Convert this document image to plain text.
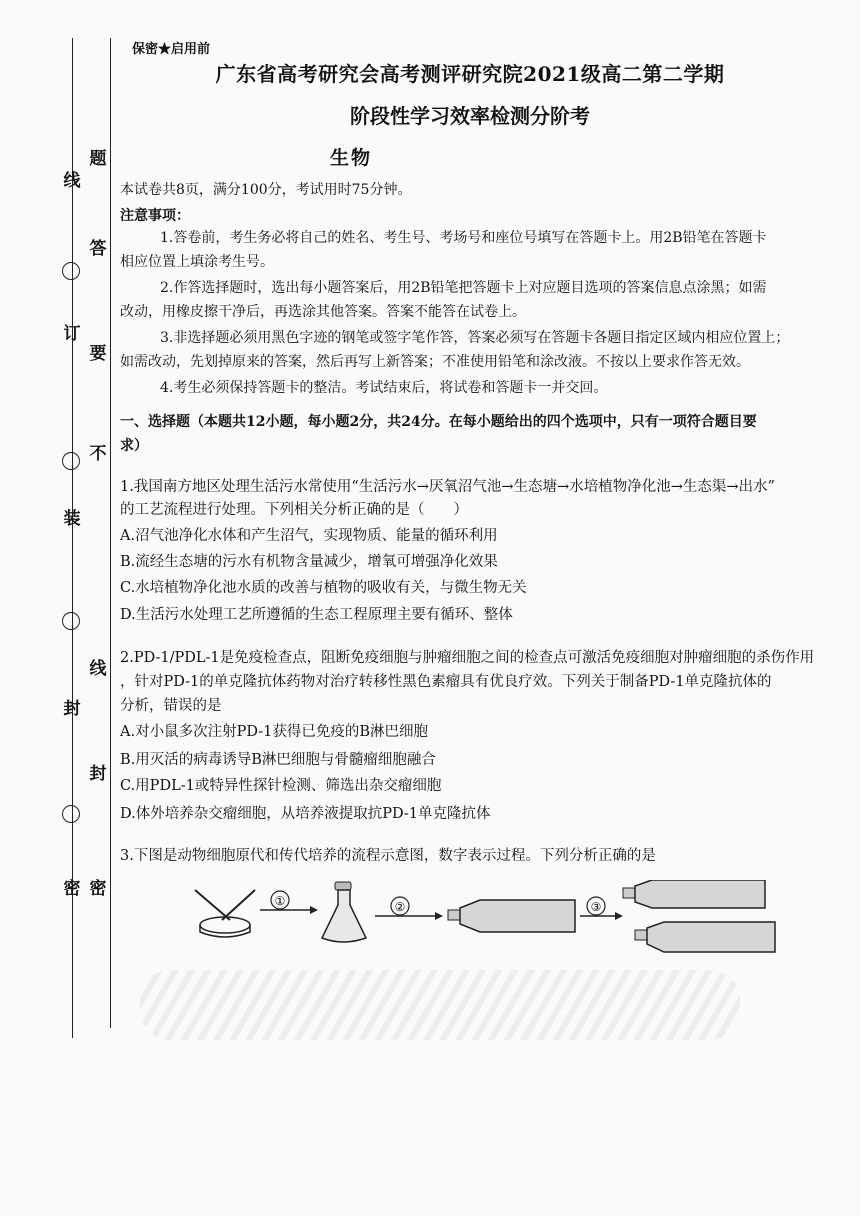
题
线
答
订
要
不
装
线
封
封
密 密
保密★启用前
广东省高考研究会高考测评研究院2021级高二第二学期
阶段性学习效率检测分阶考
生物
本试卷共8页，满分100分，考试用时75分钟。
注意事项：
1.答卷前，考生务必将自己的姓名、考生号、考场号和座位号填写在答题卡上。用2B铅笔在答题卡
相应位置上填涂考生号。
2.作答选择题时，选出每小题答案后，用2B铅笔把答题卡上对应题目选项的答案信息点涂黑；如需
改动，用橡皮擦干净后，再选涂其他答案。答案不能答在试卷上。
3.非选择题必须用黑色字迹的钢笔或签字笔作答，答案必须写在答题卡各题目指定区域内相应位置上；
如需改动，先划掉原来的答案，然后再写上新答案；不准使用铅笔和涂改液。不按以上要求作答无效。
4.考生必须保持答题卡的整洁。考试结束后，将试卷和答题卡一并交回。
一、选择题（本题共12小题，每小题2分，共24分。在每小题给出的四个选项中，只有一项符合题目要
求）
1.我国南方地区处理生活污水常使用“生活污水→厌氧沼气池→生态塘→水培植物净化池→生态渠→出水”
的工艺流程进行处理。下列相关分析正确的是（　　）
A.沼气池净化水体和产生沼气，实现物质、能量的循环利用
B.流经生态塘的污水有机物含量减少，增氧可增强净化效果
C.水培植物净化池水质的改善与植物的吸收有关，与微生物无关
D.生活污水处理工艺所遵循的生态工程原理主要有循环、整体
2.PD-1/PDL-1是免疫检查点，阻断免疫细胞与肿瘤细胞之间的检查点可激活免疫细胞对肿瘤细胞的杀伤作用
，针对PD-1的单克隆抗体药物对治疗转移性黑色素瘤具有优良疗效。下列关于制备PD-1单克隆抗体的
分析，错误的是
A.对小鼠多次注射PD-1获得已免疫的B淋巴细胞
B.用灭活的病毒诱导B淋巴细胞与骨髓瘤细胞融合
C.用PDL-1或特异性探针检测、筛选出杂交瘤细胞
D.体外培养杂交瘤细胞，从培养液提取抗PD-1单克隆抗体
3.下图是动物细胞原代和传代培养的流程示意图，数字表示过程。下列分析正确的是
①	②	③
